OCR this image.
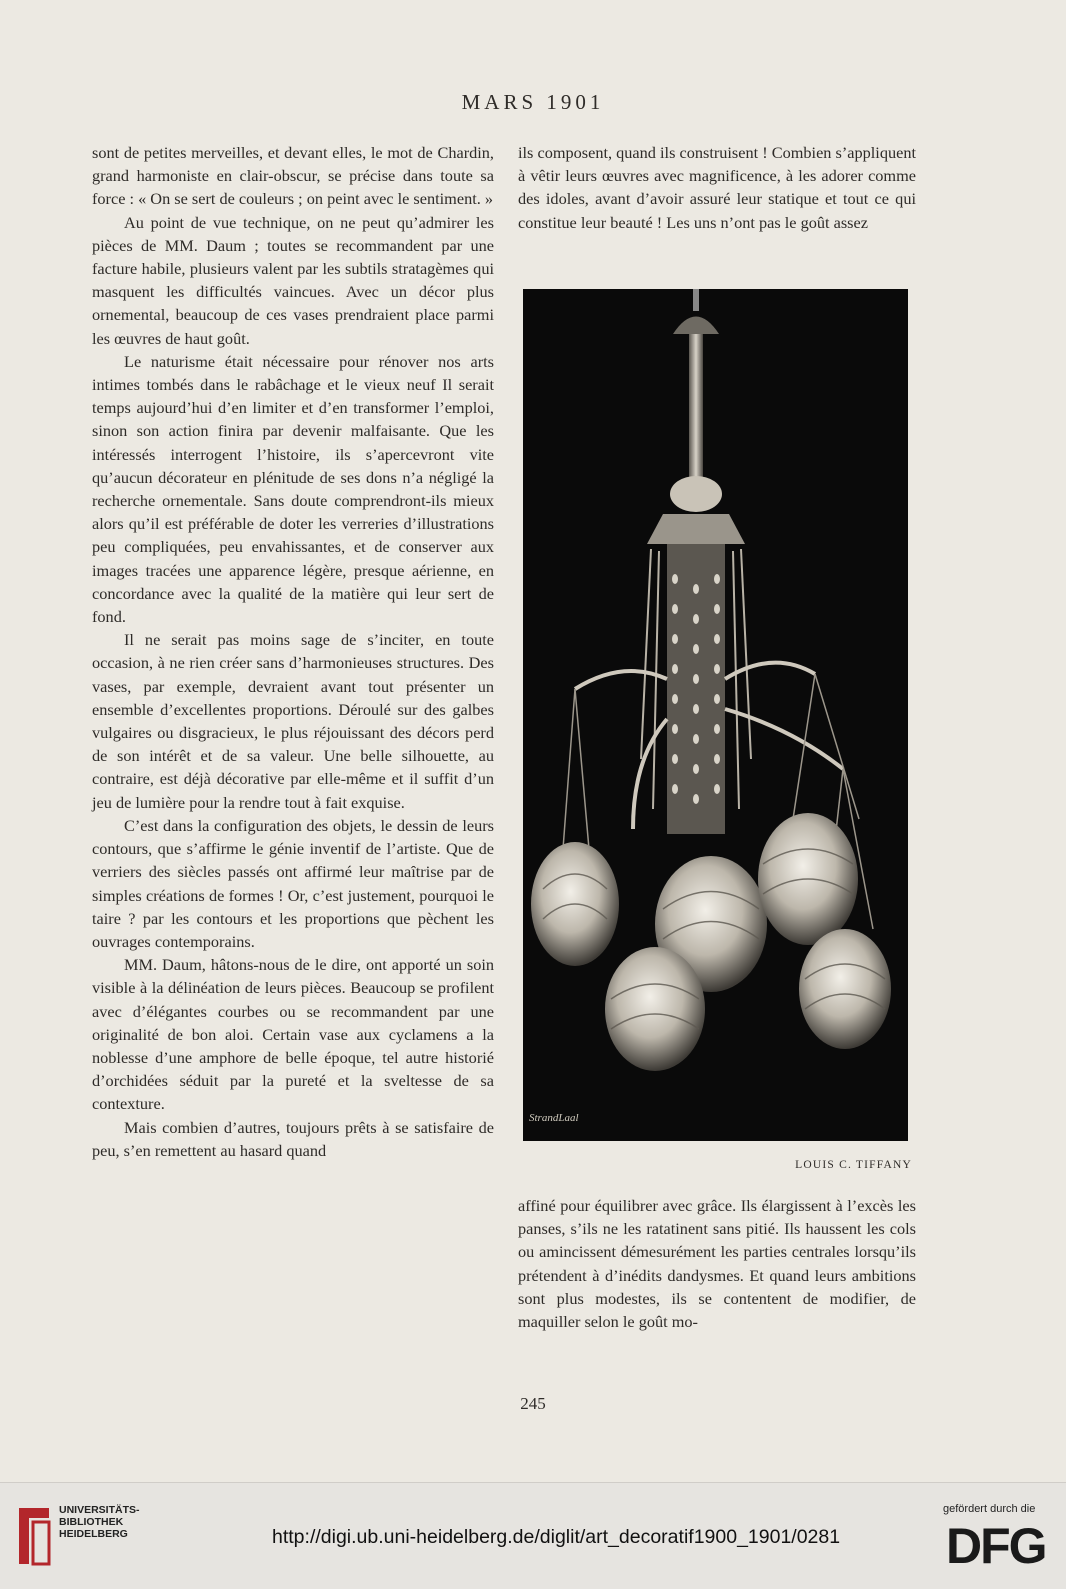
MARS 1901

sont de petites merveilles, et devant elles, le mot de Chardin, grand harmoniste en clair-obscur, se précise dans toute sa force : « On se sert de couleurs ; on peint avec le sentiment. »

Au point de vue technique, on ne peut qu’admirer les pièces de MM. Daum ; toutes se recommandent par une facture habile, plusieurs valent par les subtils stratagèmes qui masquent les difficultés vaincues. Avec un décor plus ornemental, beaucoup de ces vases prendraient place parmi les œuvres de haut goût.

Le naturisme était nécessaire pour rénover nos arts intimes tombés dans le rabâchage et le vieux neuf Il serait temps aujourd’hui d’en limiter et d’en transformer l’emploi, sinon son action finira par devenir malfaisante. Que les intéressés interrogent l’histoire, ils s’apercevront vite qu’aucun décorateur en plénitude de ses dons n’a négligé la recherche ornementale. Sans doute comprendront-ils mieux alors qu’il est préférable de doter les verreries d’illustrations peu compliquées, peu envahissantes, et de conserver aux images tracées une apparence légère, presque aérienne, en concordance avec la qualité de la matière qui leur sert de fond.

Il ne serait pas moins sage de s’inciter, en toute occasion, à ne rien créer sans d’harmonieuses structures. Des vases, par exemple, devraient avant tout présenter un ensemble d’excellentes proportions. Déroulé sur des galbes vulgaires ou disgracieux, le plus réjouissant des décors perd de son intérêt et de sa valeur. Une belle silhouette, au contraire, est déjà décorative par elle-même et il suffit d’un jeu de lumière pour la rendre tout à fait exquise.

C’est dans la configuration des objets, le dessin de leurs contours, que s’affirme le génie inventif de l’artiste. Que de verriers des siècles passés ont affirmé leur maîtrise par de simples créations de formes ! Or, c’est justement, pourquoi le taire ? par les contours et les proportions que pèchent les ouvrages contemporains.

MM. Daum, hâtons-nous de le dire, ont apporté un soin visible à la délinéation de leurs pièces. Beaucoup se profilent avec d’élégantes courbes ou se recommandent par une originalité de bon aloi. Certain vase aux cyclamens a la noblesse d’une amphore de belle époque, tel autre historié d’orchidées séduit par la pureté et la sveltesse de sa contexture.

Mais combien d’autres, toujours prêts à se satisfaire de peu, s’en remettent au hasard quand

ils composent, quand ils construisent ! Combien s’appliquent à vêtir leurs œuvres avec magnificence, à les adorer comme des idoles, avant d’avoir assuré leur statique et tout ce qui constitue leur beauté ! Les uns n’ont pas le goût assez

StrandLaal
LOUIS C. TIFFANY

affiné pour équilibrer avec grâce. Ils élargissent à l’excès les panses, s’ils ne les ratatinent sans pitié. Ils haussent les cols ou amincissent démesurément les parties centrales lorsqu’ils prétendent à d’inédits dandysmes. Et quand leurs ambitions sont plus modestes, ils se contentent de modifier, de maquiller selon le goût mo-

245
UNIVERSITÄTS-
BIBLIOTHEK
HEIDELBERG	http://digi.ub.uni-heidelberg.de/diglit/art_decoratif1900_1901/0281
gefördert durch die
DFG
